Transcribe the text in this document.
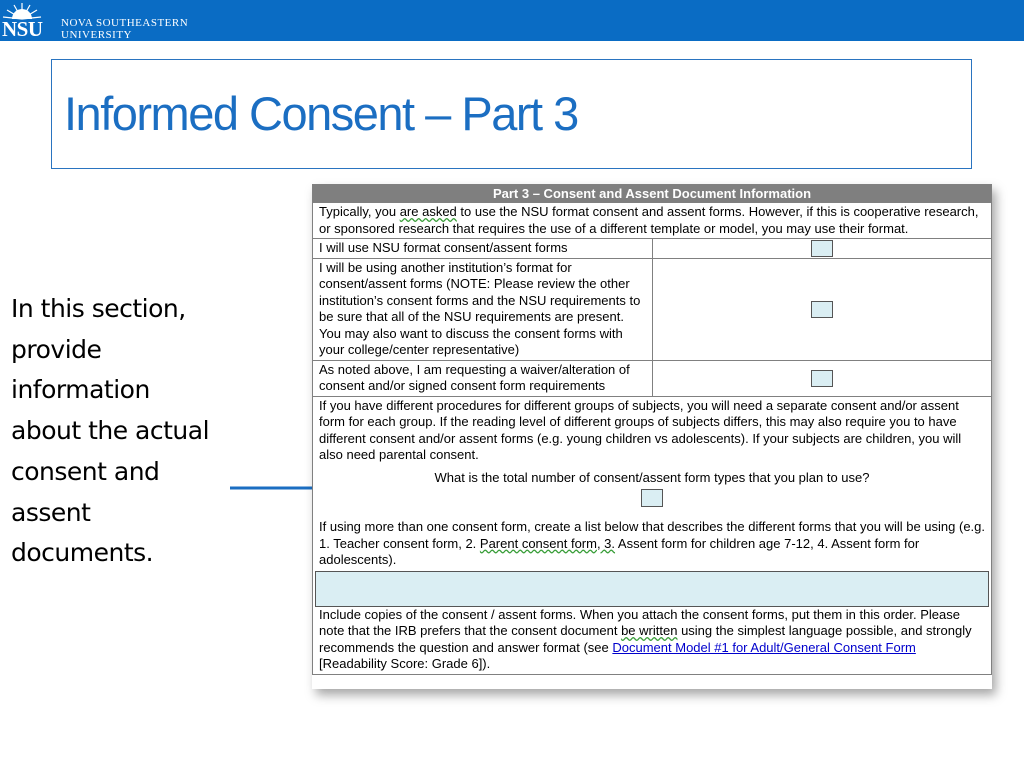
NSU NOVA SOUTHEASTERN
UNIVERSITY
Informed Consent – Part 3
In this section, provide information about the actual consent and assent documents.
Part 3 – Consent and Assent Document Information	
Typically, you are asked to use the NSU format consent and assent forms. However, if this is cooperative research, or sponsored research that requires the use of a different template or model, you may use their format.	
I will use NSU format consent/assent forms	
I will be using another institution’s format for consent/assent forms (NOTE: Please review the other institution’s consent forms and the NSU requirements to be sure that all of the NSU requirements are present. You may also want to discuss the consent forms with your college/center representative)	
As noted above, I am requesting a waiver/alteration of consent and/or signed consent form requirements	

If you have different procedures for different groups of subjects, you will need a separate consent and/or assent form for each group. If the reading level of different groups of subjects differs, this may also require you to have different consent and/or assent forms (e.g. young children vs adolescents). If your subjects are children, you will also need parental consent.
What is the total number of consent/assent form types that you plan to use?
If using more than one consent form, create a list below that describes the different forms that you will be using (e.g. 1. Teacher consent form, 2. Parent consent form, 3. Assent form for children age 7-12, 4. Assent form for adolescents).
Include copies of the consent / assent forms. When you attach the consent forms, put them in this order. Please note that the IRB prefers that the consent document be written using the simplest language possible, and strongly recommends the question and answer format (see Document Model #1 for Adult/General Consent Form [Readability Score: Grade 6]).	
